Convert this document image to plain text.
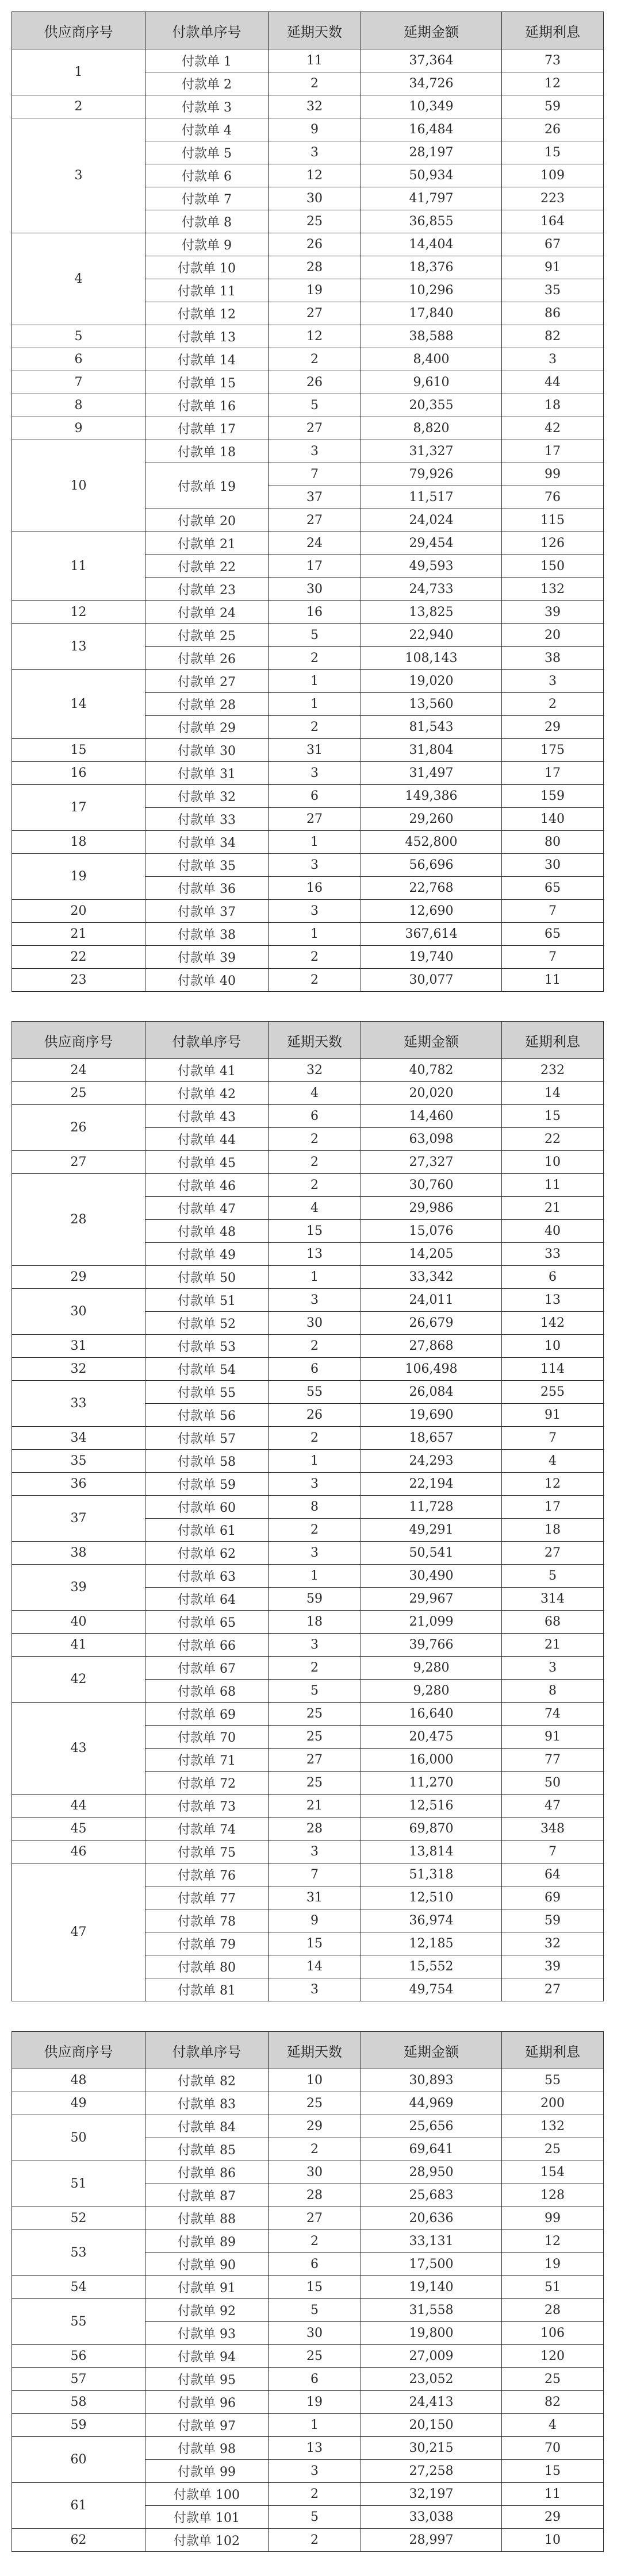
供应商序号	付款单序号	延期天数	延期金额	延期利息
1	付款单 1	11	37,364	73
	付款单 2	2	34,726	12
2	付款单 3	32	10,349	59
3	付款单 4	9	16,484	26
	付款单 5	3	28,197	15
	付款单 6	12	50,934	109
	付款单 7	30	41,797	223
	付款单 8	25	36,855	164
4	付款单 9	26	14,404	67
	付款单 10	28	18,376	91
	付款单 11	19	10,296	35
	付款单 12	27	17,840	86
5	付款单 13	12	38,588	82
6	付款单 14	2	8,400	3
7	付款单 15	26	9,610	44
8	付款单 16	5	20,355	18
9	付款单 17	27	8,820	42
10	付款单 18	3	31,327	17
	付款单 19	7	79,926	99
		37	11,517	76
	付款单 20	27	24,024	115
11	付款单 21	24	29,454	126
	付款单 22	17	49,593	150
	付款单 23	30	24,733	132
12	付款单 24	16	13,825	39
13	付款单 25	5	22,940	20
	付款单 26	2	108,143	38
14	付款单 27	1	19,020	3
	付款单 28	1	13,560	2
	付款单 29	2	81,543	29
15	付款单 30	31	31,804	175
16	付款单 31	3	31,497	17
17	付款单 32	6	149,386	159
	付款单 33	27	29,260	140
18	付款单 34	1	452,800	80
19	付款单 35	3	56,696	30
	付款单 36	16	22,768	65
20	付款单 37	3	12,690	7
21	付款单 38	1	367,614	65
22	付款单 39	2	19,740	7
23	付款单 40	2	30,077	11
供应商序号	付款单序号	延期天数	延期金额	延期利息
24	付款单 41	32	40,782	232
25	付款单 42	4	20,020	14
26	付款单 43	6	14,460	15
	付款单 44	2	63,098	22
27	付款单 45	2	27,327	10
28	付款单 46	2	30,760	11
	付款单 47	4	29,986	21
	付款单 48	15	15,076	40
	付款单 49	13	14,205	33
29	付款单 50	1	33,342	6
30	付款单 51	3	24,011	13
	付款单 52	30	26,679	142
31	付款单 53	2	27,868	10
32	付款单 54	6	106,498	114
33	付款单 55	55	26,084	255
	付款单 56	26	19,690	91
34	付款单 57	2	18,657	7
35	付款单 58	1	24,293	4
36	付款单 59	3	22,194	12
37	付款单 60	8	11,728	17
	付款单 61	2	49,291	18
38	付款单 62	3	50,541	27
39	付款单 63	1	30,490	5
	付款单 64	59	29,967	314
40	付款单 65	18	21,099	68
41	付款单 66	3	39,766	21
42	付款单 67	2	9,280	3
	付款单 68	5	9,280	8
43	付款单 69	25	16,640	74
	付款单 70	25	20,475	91
	付款单 71	27	16,000	77
	付款单 72	25	11,270	50
44	付款单 73	21	12,516	47
45	付款单 74	28	69,870	348
46	付款单 75	3	13,814	7
47	付款单 76	7	51,318	64
	付款单 77	31	12,510	69
	付款单 78	9	36,974	59
	付款单 79	15	12,185	32
	付款单 80	14	15,552	39
	付款单 81	3	49,754	27
供应商序号	付款单序号	延期天数	延期金额	延期利息
48	付款单 82	10	30,893	55
49	付款单 83	25	44,969	200
50	付款单 84	29	25,656	132
	付款单 85	2	69,641	25
51	付款单 86	30	28,950	154
	付款单 87	28	25,683	128
52	付款单 88	27	20,636	99
53	付款单 89	2	33,131	12
	付款单 90	6	17,500	19
54	付款单 91	15	19,140	51
55	付款单 92	5	31,558	28
	付款单 93	30	19,800	106
56	付款单 94	25	27,009	120
57	付款单 95	6	23,052	25
58	付款单 96	19	24,413	82
59	付款单 97	1	20,150	4
60	付款单 98	13	30,215	70
	付款单 99	3	27,258	15
61	付款单 100	2	32,197	11
	付款单 101	5	33,038	29
62	付款单 102	2	28,997	10
